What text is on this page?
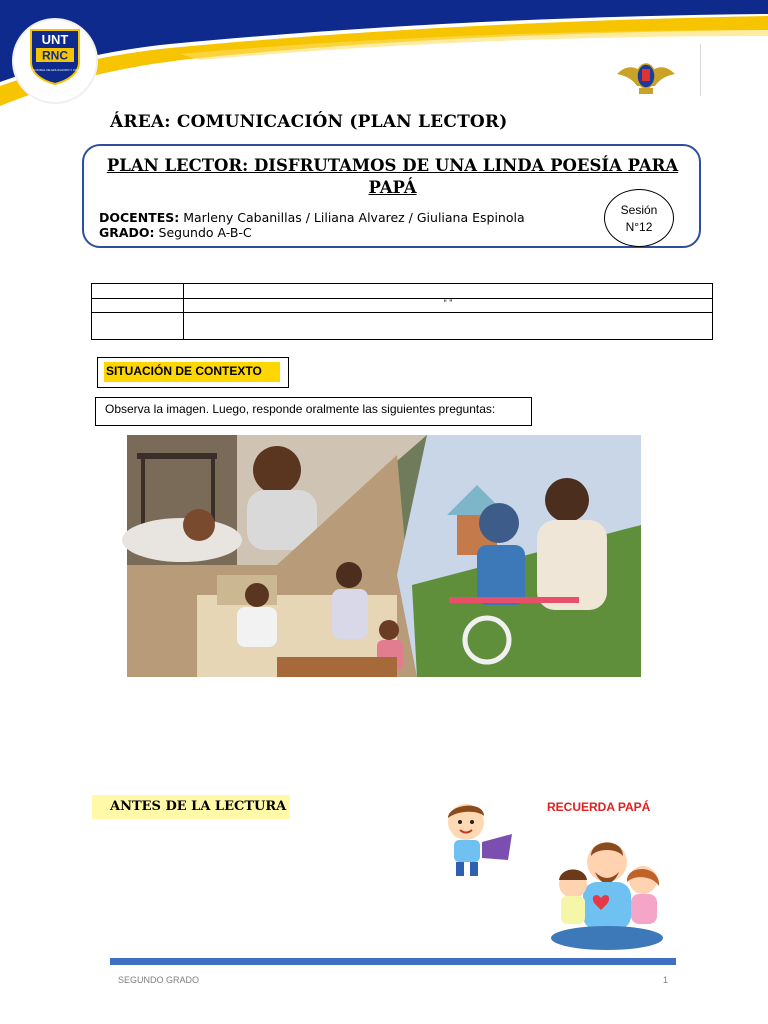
UNT
RNC
RED NACIONAL DE EDUCACION Y CULTURA
ÁREA: COMUNICACIÓN (PLAN LECTOR)
PLAN LECTOR: DISFRUTAMOS DE UNA LINDA POESÍA PARA PAPÁ
DOCENTES: Marleny Cabanillas / Liliana Alvarez / Giuliana Espinola
GRADO: Segundo A-B-C
Sesión
N°12

	“ ”

SITUACIÓN DE CONTEXTO
Observa la imagen. Luego, responde oralmente las siguientes preguntas:
ANTES DE LA LECTURA	RECUERDA PAPÁ
SEGUNDO GRADO	1
